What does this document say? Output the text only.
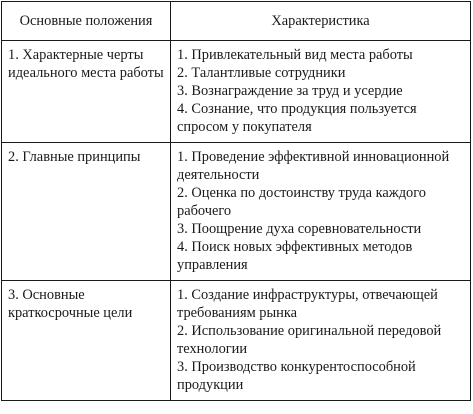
Основные положения	Характеристика
1. Характерные черты идеального места работы	1. Привлекательный вид места работы
2. Талантливые сотрудники
3. Вознаграждение за труд и усердие
4. Сознание, что продукция пользуется спросом у покупателя

2. Главные принципы	1. Проведение эффективной инновационной деятельности
2. Оценка по достоинству труда каждого рабочего
3. Поощрение духа соревновательности
4. Поиск новых эффективных методов управления

3. Основные краткосрочные цели	1. Создание инфраструктуры, отвечающей требованиям рынка
2. Использование оригинальной передовой технологии
3. Производство конкурентоспособной продукции
